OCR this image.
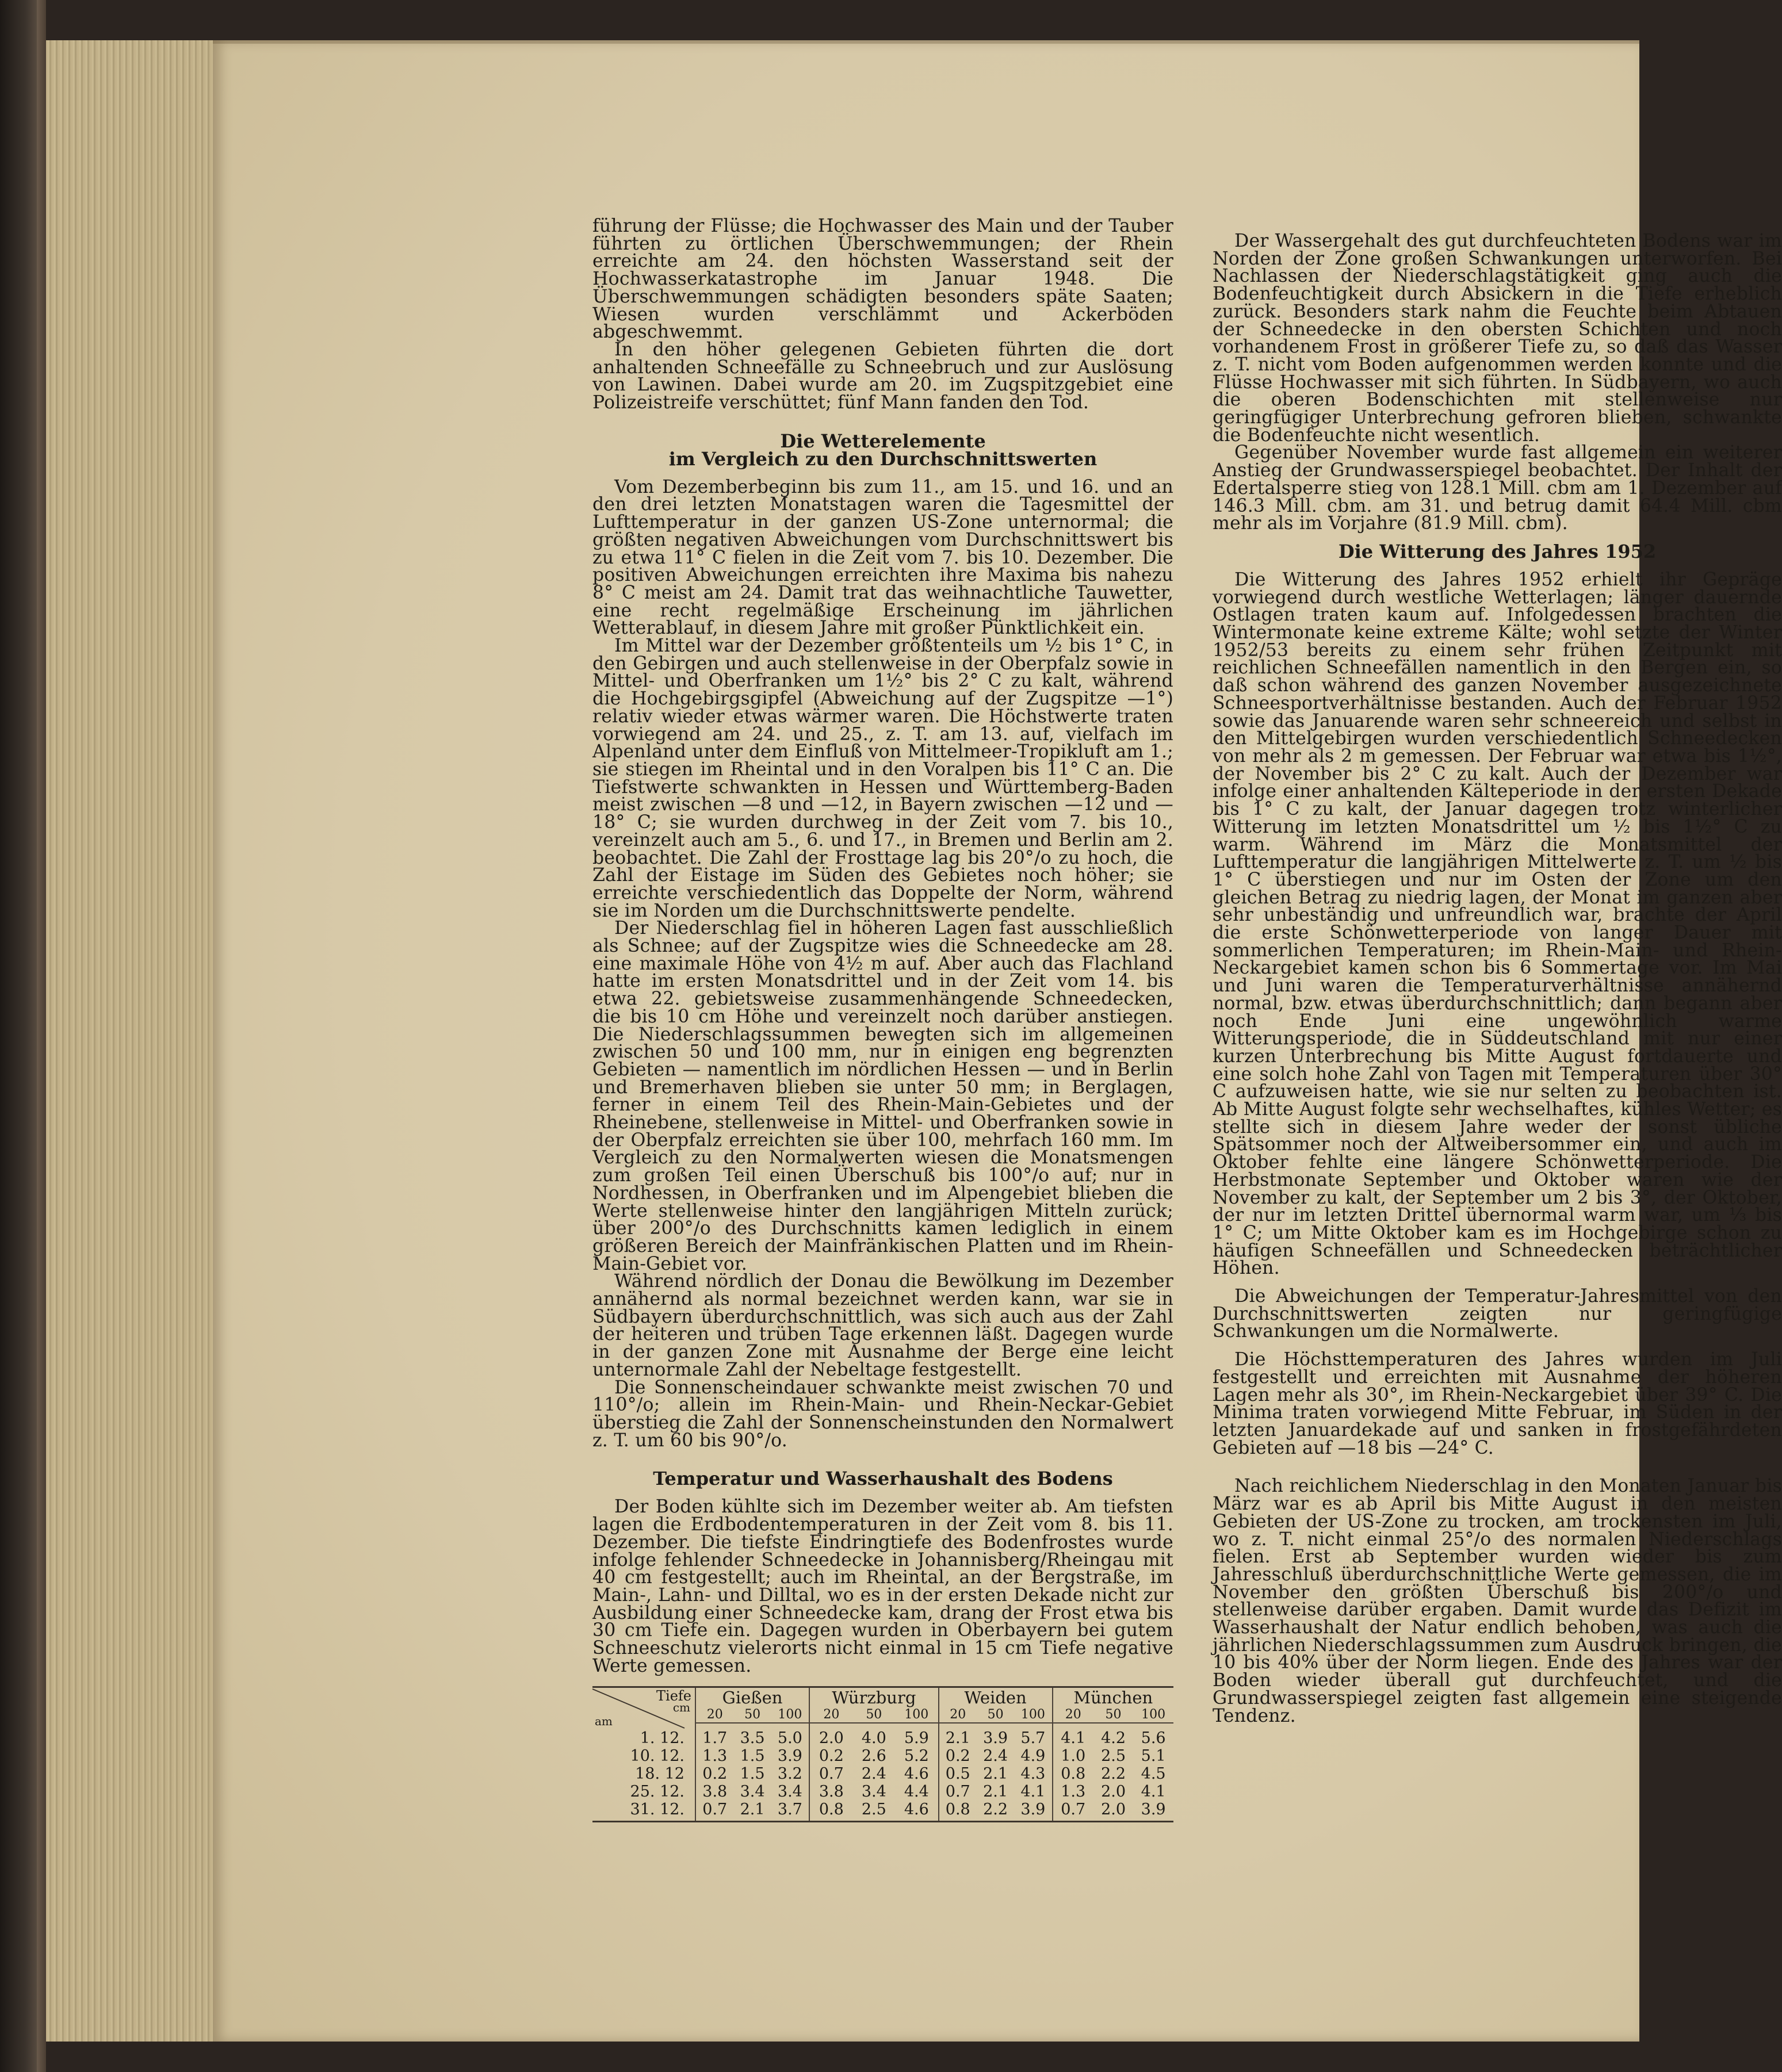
führung der Flüsse; die Hochwasser des Main und der Tauber führten zu örtlichen Überschwemmungen; der Rhein erreichte am 24. den höchsten Wasserstand seit der Hochwasserkatastrophe im Januar 1948. Die Überschwemmungen schädigten besonders späte Saaten; Wiesen wurden verschlämmt und Ackerböden abgeschwemmt.

In den höher gelegenen Gebieten führten die dort anhaltenden Schneefälle zu Schneebruch und zur Auslösung von Lawinen. Dabei wurde am 20. im Zugspitzgebiet eine Polizeistreife verschüttet; fünf Mann fanden den Tod.

Die Wetterelemente
im Vergleich zu den Durchschnittswerten

Vom Dezemberbeginn bis zum 11., am 15. und 16. und an den drei letzten Monatstagen waren die Tagesmittel der Lufttemperatur in der ganzen US-Zone unternormal; die größten negativen Abweichungen vom Durchschnittswert bis zu etwa 11° C fielen in die Zeit vom 7. bis 10. Dezember. Die positiven Abweichungen erreichten ihre Maxima bis nahezu 8° C meist am 24. Damit trat das weihnachtliche Tauwetter, eine recht regelmäßige Erscheinung im jährlichen Wetterablauf, in diesem Jahre mit großer Pünktlichkeit ein.

Im Mittel war der Dezember größtenteils um ½ bis 1° C, in den Gebirgen und auch stellenweise in der Oberpfalz sowie in Mittel- und Oberfranken um 1½° bis 2° C zu kalt, während die Hochgebirgsgipfel (Abweichung auf der Zugspitze —1°) relativ wieder etwas wärmer waren. Die Höchstwerte traten vorwiegend am 24. und 25., z. T. am 13. auf, vielfach im Alpenland unter dem Einfluß von Mittelmeer-Tropikluft am 1.; sie stiegen im Rheintal und in den Voralpen bis 11° C an. Die Tiefstwerte schwankten in Hessen und Württemberg-Baden meist zwischen —8 und —12, in Bayern zwischen —12 und —18° C; sie wurden durchweg in der Zeit vom 7. bis 10., vereinzelt auch am 5., 6. und 17., in Bremen und Berlin am 2. beobachtet. Die Zahl der Frosttage lag bis 20°/o zu hoch, die Zahl der Eistage im Süden des Gebietes noch höher; sie erreichte verschiedentlich das Doppelte der Norm, während sie im Norden um die Durchschnittswerte pendelte.

Der Niederschlag fiel in höheren Lagen fast ausschließlich als Schnee; auf der Zugspitze wies die Schneedecke am 28. eine maximale Höhe von 4½ m auf. Aber auch das Flachland hatte im ersten Monatsdrittel und in der Zeit vom 14. bis etwa 22. gebietsweise zusammenhängende Schneedecken, die bis 10 cm Höhe und vereinzelt noch darüber anstiegen. Die Niederschlagssummen bewegten sich im allgemeinen zwischen 50 und 100 mm, nur in einigen eng begrenzten Gebieten — namentlich im nördlichen Hessen — und in Berlin und Bremerhaven blieben sie unter 50 mm; in Berglagen, ferner in einem Teil des Rhein-Main-Gebietes und der Rheinebene, stellenweise in Mittel- und Oberfranken sowie in der Oberpfalz erreichten sie über 100, mehrfach 160 mm. Im Vergleich zu den Normalwerten wiesen die Monatsmengen zum großen Teil einen Überschuß bis 100°/o auf; nur in Nordhessen, in Oberfranken und im Alpengebiet blieben die Werte stellenweise hinter den langjährigen Mitteln zurück; über 200°/o des Durchschnitts kamen lediglich in einem größeren Bereich der Mainfränkischen Platten und im Rhein-Main-Gebiet vor.

Während nördlich der Donau die Bewölkung im Dezember annähernd als normal bezeichnet werden kann, war sie in Südbayern überdurchschnittlich, was sich auch aus der Zahl der heiteren und trüben Tage erkennen läßt. Dagegen wurde in der ganzen Zone mit Ausnahme der Berge eine leicht unternormale Zahl der Nebeltage festgestellt.

Die Sonnenscheindauer schwankte meist zwischen 70 und 110°/o; allein im Rhein-Main- und Rhein-Neckar-Gebiet überstieg die Zahl der Sonnenscheinstunden den Normalwert z. T. um 60 bis 90°/o.

Temperatur und Wasserhaushalt des Bodens

Der Boden kühlte sich im Dezember weiter ab. Am tiefsten lagen die Erdbodentemperaturen in der Zeit vom 8. bis 11. Dezember. Die tiefste Eindringtiefe des Bodenfrostes wurde infolge fehlender Schneedecke in Johannisberg/Rheingau mit 40 cm festgestellt; auch im Rheintal, an der Bergstraße, im Main-, Lahn- und Dilltal, wo es in der ersten Dekade nicht zur Ausbildung einer Schneedecke kam, drang der Frost etwa bis 30 cm Tiefe ein. Dagegen wurden in Oberbayern bei gutem Schneeschutz vielerorts nicht einmal in 15 cm Tiefe negative Werte gemessen.

Tiefe
cm
am	Gießen			Würzburg			Weiden			München		
	20	50	100	20	50	100	20	50	100	20	50	100
1. 12.	1.7	3.5	5.0	2.0	4.0	5.9	2.1	3.9	5.7	4.1	4.2	5.6
10. 12.	1.3	1.5	3.9	0.2	2.6	5.2	0.2	2.4	4.9	1.0	2.5	5.1
18. 12	0.2	1.5	3.2	0.7	2.4	4.6	0.5	2.1	4.3	0.8	2.2	4.5
25. 12.	3.8	3.4	3.4	3.8	3.4	4.4	0.7	2.1	4.1	1.3	2.0	4.1
31. 12.	0.7	2.1	3.7	0.8	2.5	4.6	0.8	2.2	3.9	0.7	2.0	3.9

Der Wassergehalt des gut durchfeuchteten Bodens war im Norden der Zone großen Schwankungen unterworfen. Bei Nachlassen der Niederschlagstätigkeit ging auch die Bodenfeuchtigkeit durch Absickern in die Tiefe erheblich zurück. Besonders stark nahm die Feuchte beim Abtauen der Schneedecke in den obersten Schichten und noch vorhandenem Frost in größerer Tiefe zu, so daß das Wasser z. T. nicht vom Boden aufgenommen werden konnte und die Flüsse Hochwasser mit sich führten. In Südbayern, wo auch die oberen Bodenschichten mit stellenweise nur geringfügiger Unterbrechung gefroren blieben, schwankte die Bodenfeuchte nicht wesentlich.

Gegenüber November wurde fast allgemein ein weiterer Anstieg der Grundwasserspiegel beobachtet. Der Inhalt der Edertalsperre stieg von 128.1 Mill. cbm am 1. Dezember auf 146.3 Mill. cbm. am 31. und betrug damit 64.4 Mill. cbm mehr als im Vorjahre (81.9 Mill. cbm).

Die Witterung des Jahres 1952

Die Witterung des Jahres 1952 erhielt ihr Gepräge vorwiegend durch westliche Wetterlagen; länger dauernde Ostlagen traten kaum auf. Infolgedessen brachten die Wintermonate keine extreme Kälte; wohl setzte der Winter 1952/53 bereits zu einem sehr frühen Zeitpunkt mit reichlichen Schneefällen namentlich in den Bergen ein, so daß schon während des ganzen November ausgezeichnete Schneesportverhältnisse bestanden. Auch der Februar 1952 sowie das Januarende waren sehr schneereich und selbst in den Mittelgebirgen wurden verschiedentlich Schneedecken von mehr als 2 m gemessen. Der Februar war etwa bis 1½°, der November bis 2° C zu kalt. Auch der Dezember war infolge einer anhaltenden Kälteperiode in der ersten Dekade bis 1° C zu kalt, der Januar dagegen trotz winterlicher Witterung im letzten Monatsdrittel um ½ bis 1½° C zu warm. Während im März die Monatsmittel der Lufttemperatur die langjährigen Mittelwerte z. T. um ½ bis 1° C überstiegen und nur im Osten der Zone um den gleichen Betrag zu niedrig lagen, der Monat im ganzen aber sehr unbeständig und unfreundlich war, brachte der April die erste Schönwetterperiode von langer Dauer mit sommerlichen Temperaturen; im Rhein-Main- und Rhein-Neckargebiet kamen schon bis 6 Sommertage vor. Im Mai und Juni waren die Temperaturverhältnisse annähernd normal, bzw. etwas überdurchschnittlich; dann begann aber noch Ende Juni eine ungewöhnlich warme Witterungsperiode, die in Süddeutschland mit nur einer kurzen Unterbrechung bis Mitte August fortdauerte und eine solch hohe Zahl von Tagen mit Temperaturen über 30° C aufzuweisen hatte, wie sie nur selten zu beobachten ist. Ab Mitte August folgte sehr wechselhaftes, kühles Wetter; es stellte sich in diesem Jahre weder der sonst übliche Spätsommer noch der Altweibersommer ein, und auch im Oktober fehlte eine längere Schönwetterperiode. Die Herbstmonate September und Oktober waren wie der November zu kalt, der September um 2 bis 3°, der Oktober, der nur im letzten Drittel übernormal warm war, um ⅓ bis 1° C; um Mitte Oktober kam es im Hochgebirge schon zu häufigen Schneefällen und Schneedecken beträchtlicher Höhen.

Die Abweichungen der Temperatur-Jahresmittel von den Durchschnittswerten zeigten nur geringfügige Schwankungen um die Normalwerte.

Die Höchsttemperaturen des Jahres wurden im Juli festgestellt und erreichten mit Ausnahme der höheren Lagen mehr als 30°, im Rhein-Neckargebiet über 39° C. Die Minima traten vorwiegend Mitte Februar, im Süden in der letzten Januardekade auf und sanken in frostgefährdeten Gebieten auf —18 bis —24° C.

Nach reichlichem Niederschlag in den Monaten Januar bis März war es ab April bis Mitte August in den meisten Gebieten der US-Zone zu trocken, am trockensten im Juli, wo z. T. nicht einmal 25°/o des normalen Niederschlags fielen. Erst ab September wurden wieder bis zum Jahresschluß überdurchschnittliche Werte gemessen, die im November den größten Überschuß bis 200°/o und stellenweise darüber ergaben. Damit wurde das Defizit im Wasserhaushalt der Natur endlich behoben, was auch die jährlichen Niederschlagssummen zum Ausdruck bringen, die 10 bis 40% über der Norm liegen. Ende des Jahres war der Boden wieder überall gut durchfeuchtet, und die Grundwasserspiegel zeigten fast allgemein eine steigende Tendenz.
